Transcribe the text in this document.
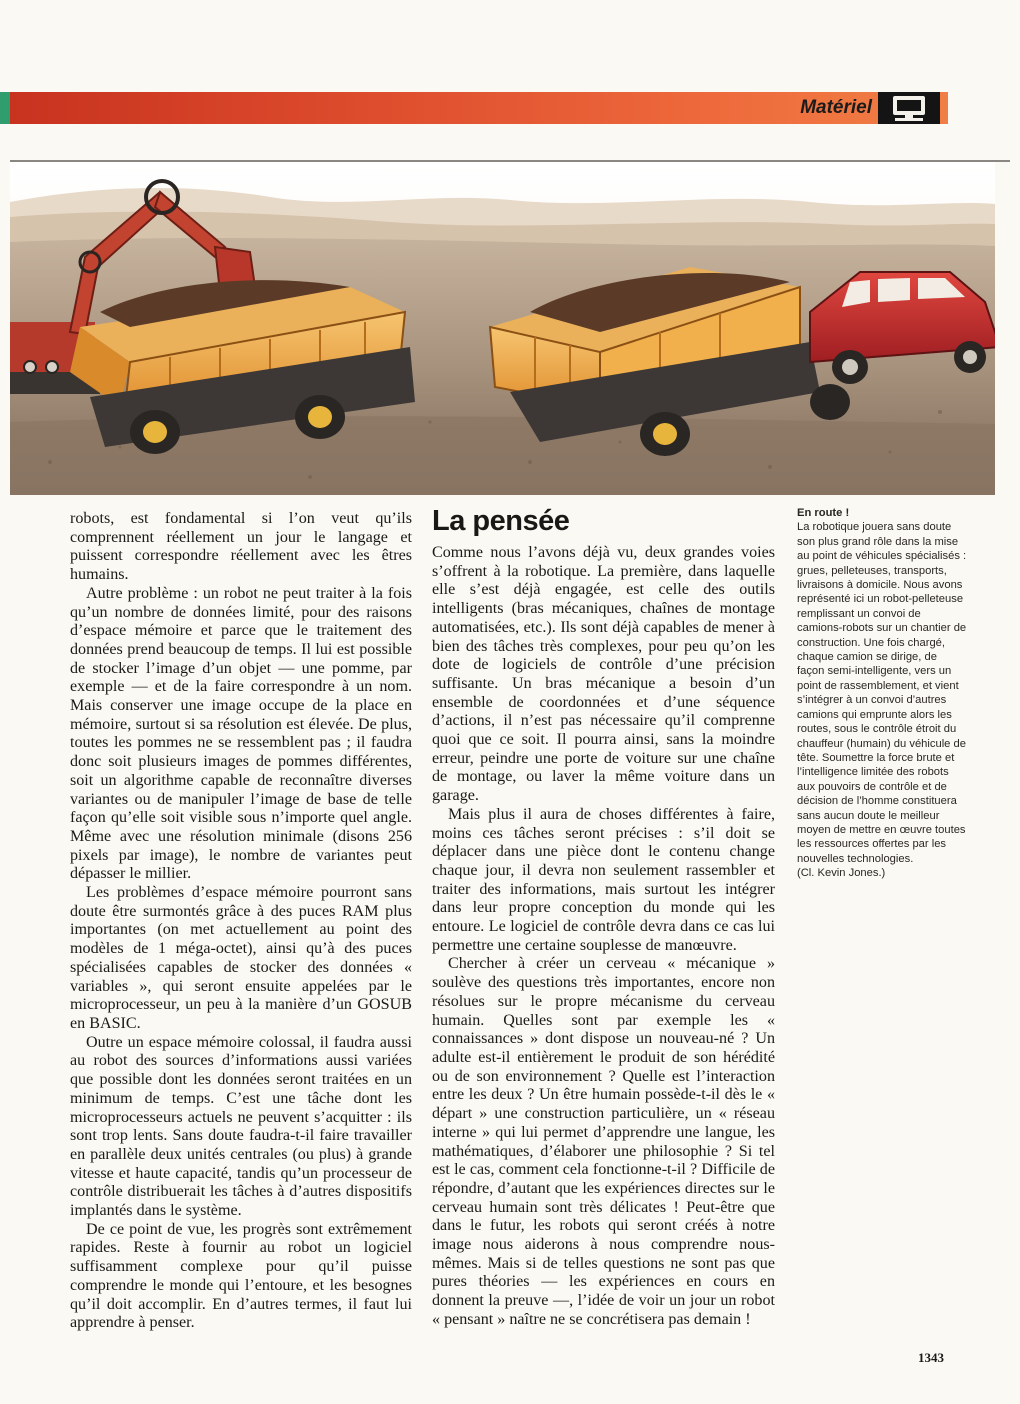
Matériel

robots, est fondamental si l’on veut qu’ils comprennent réellement un jour le langage et puissent correspondre réellement avec les êtres humains.

Autre problème : un robot ne peut traiter à la fois qu’un nombre de données limité, pour des raisons d’espace mémoire et parce que le traitement des données prend beaucoup de temps. Il lui est possible de stocker l’image d’un objet — une pomme, par exemple — et de la faire correspondre à un nom. Mais conserver une image occupe de la place en mémoire, surtout si sa résolution est élevée. De plus, toutes les pommes ne se ressemblent pas ; il faudra donc soit plusieurs images de pommes différentes, soit un algorithme capable de reconnaître diverses variantes ou de manipuler l’image de base de telle façon qu’elle soit visible sous n’importe quel angle. Même avec une résolution minimale (disons 256 pixels par image), le nombre de variantes peut dépasser le millier.

Les problèmes d’espace mémoire pourront sans doute être surmontés grâce à des puces RAM plus importantes (on met actuellement au point des modèles de 1 méga-octet), ainsi qu’à des puces spécialisées capables de stocker des données « variables », qui seront ensuite appelées par le microprocesseur, un peu à la manière d’un GOSUB en BASIC.

Outre un espace mémoire colossal, il faudra aussi au robot des sources d’informations aussi variées que possible dont les données seront traitées en un minimum de temps. C’est une tâche dont les microprocesseurs actuels ne peuvent s’acquitter : ils sont trop lents. Sans doute faudra-t-il faire travailler en parallèle deux unités centrales (ou plus) à grande vitesse et haute capacité, tandis qu’un processeur de contrôle distribuerait les tâches à d’autres dispositifs implantés dans le système.

De ce point de vue, les progrès sont extrêmement rapides. Reste à fournir au robot un logiciel suffisamment complexe pour qu’il puisse comprendre le monde qui l’entoure, et les besognes qu’il doit accomplir. En d’autres termes, il faut lui apprendre à penser.

La pensée

Comme nous l’avons déjà vu, deux grandes voies s’offrent à la robotique. La première, dans laquelle elle s’est déjà engagée, est celle des outils intelligents (bras mécaniques, chaînes de montage automatisées, etc.). Ils sont déjà capables de mener à bien des tâches très complexes, pour peu qu’on les dote de logiciels de contrôle d’une précision suffisante. Un bras mécanique a besoin d’un ensemble de coordonnées et d’une séquence d’actions, il n’est pas nécessaire qu’il comprenne quoi que ce soit. Il pourra ainsi, sans la moindre erreur, peindre une porte de voiture sur une chaîne de montage, ou laver la même voiture dans un garage.

Mais plus il aura de choses différentes à faire, moins ces tâches seront précises : s’il doit se déplacer dans une pièce dont le contenu change chaque jour, il devra non seulement rassembler et traiter des informations, mais surtout les intégrer dans leur propre conception du monde qui les entoure. Le logiciel de contrôle devra dans ce cas lui permettre une certaine souplesse de manœuvre.

Chercher à créer un cerveau « mécanique » soulève des questions très importantes, encore non résolues sur le propre mécanisme du cerveau humain. Quelles sont par exemple les « connaissances » dont dispose un nouveau-né ? Un adulte est-il entièrement le produit de son hérédité ou de son environnement ? Quelle est l’interaction entre les deux ? Un être humain possède-t-il dès le « départ » une construction particulière, un « réseau interne » qui lui permet d’apprendre une langue, les mathématiques, d’élaborer une philosophie ? Si tel est le cas, comment cela fonctionne-t-il ? Difficile de répondre, d’autant que les expériences directes sur le cerveau humain sont très délicates ! Peut-être que dans le futur, les robots qui seront créés à notre image nous aiderons à nous comprendre nous-mêmes. Mais si de telles questions ne sont pas que pures théories — les expériences en cours en donnent la preuve —, l’idée de voir un jour un robot « pensant » naître ne se concrétisera pas demain !

En route !
La robotique jouera sans doute son plus grand rôle dans la mise au point de véhicules spécialisés : grues, pelleteuses, transports, livraisons à domicile. Nous avons représenté ici un robot-pelleteuse remplissant un convoi de camions-robots sur un chantier de construction. Une fois chargé, chaque camion se dirige, de façon semi-intelligente, vers un point de rassemblement, et vient s’intégrer à un convoi d’autres camions qui emprunte alors les routes, sous le contrôle étroit du chauffeur (humain) du véhicule de tête. Soumettre la force brute et l’intelligence limitée des robots aux pouvoirs de contrôle et de décision de l’homme constituera sans aucun doute le meilleur moyen de mettre en œuvre toutes les ressources offertes par les nouvelles technologies.
(Cl. Kevin Jones.)
1343
